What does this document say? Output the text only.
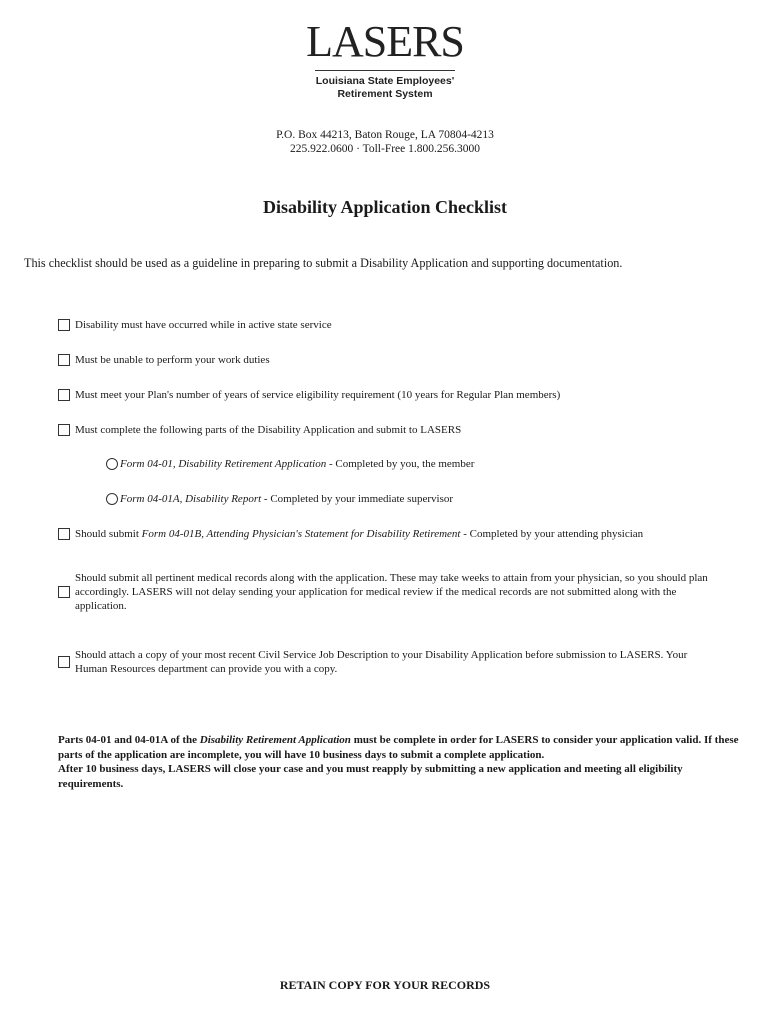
LASERS
Louisiana State Employees'
Retirement System
P.O. Box 44213, Baton Rouge, LA 70804-4213
225.922.0600 · Toll-Free 1.800.256.3000
Disability Application Checklist
This checklist should be used as a guideline in preparing to submit a Disability Application and supporting documentation.
Disability must have occurred while in active state service
Must be unable to perform your work duties
Must meet your Plan's number of years of service eligibility requirement (10 years for Regular Plan members)
Must complete the following parts of the Disability Application and submit to LASERS
Form 04-01, Disability Retirement Application - Completed by you, the member
Form 04-01A, Disability Report - Completed by your immediate supervisor
Should submit Form 04-01B, Attending Physician's Statement for Disability Retirement - Completed by your attending physician
Should submit all pertinent medical records along with the application. These may take weeks to attain from your physician, so you should plan accordingly. LASERS will not delay sending your application for medical review if the medical records are not submitted along with the application.
Should attach a copy of your most recent Civil Service Job Description to your Disability Application before submission to LASERS. Your Human Resources department can provide you with a copy.
Parts 04-01 and 04-01A of the Disability Retirement Application must be complete in order for LASERS to consider your application valid. If these parts of the application are incomplete, you will have 10 business days to submit a complete application.
After 10 business days, LASERS will close your case and you must reapply by submitting a new application and meeting all eligibility requirements.
RETAIN COPY FOR YOUR RECORDS
